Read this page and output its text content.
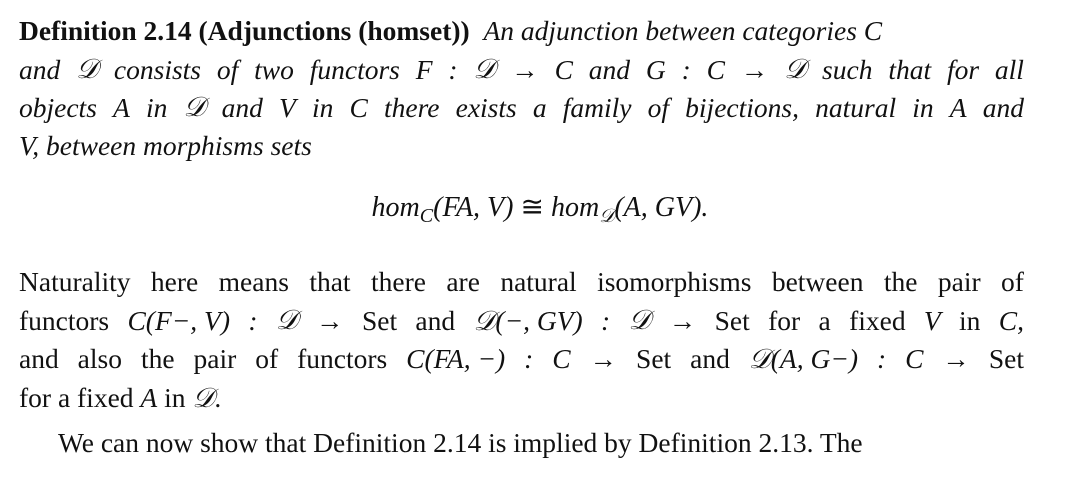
Definition 2.14 (Adjunctions (homset)) An adjunction between categories C
and 𝒟 consists of two functors F : 𝒟 → C and G : C → 𝒟 such that for all
objects A in 𝒟 and V in C there exists a family of bijections, natural in A and
V, between morphisms sets
hom$_C$(FA, V) ≅ hom$_𝒟$(A, GV).
Naturality here means that there are natural isomorphisms between the pair of
functors C(F−, V) : 𝒟 → Set and 𝒟(−, GV) : 𝒟 → Set for a fixed V in C,
and also the pair of functors C(FA, −) : C → Set and 𝒟(A, G−) : C → Set
for a fixed A in 𝒟.
We can now show that Definition 2.14 is implied by Definition 2.13. The
